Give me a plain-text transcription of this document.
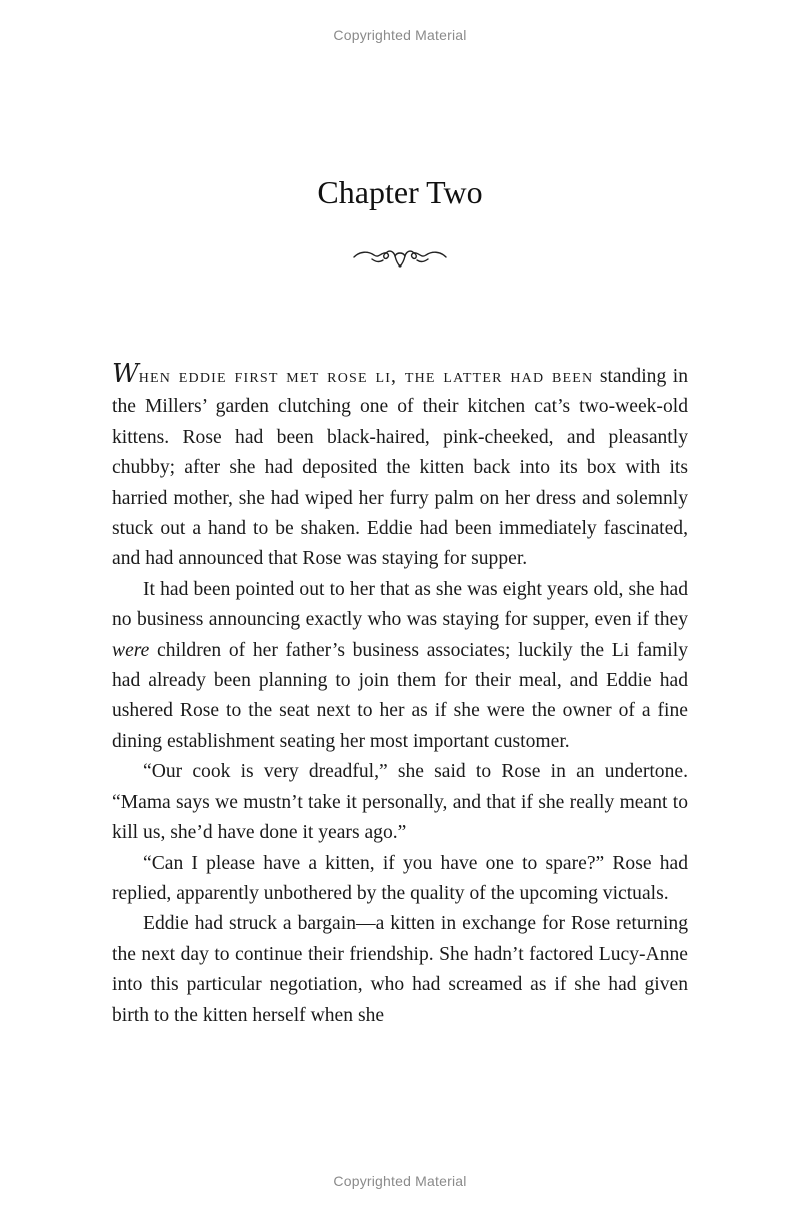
Copyrighted Material
Chapter Two

When eddie first met rose li, the latter had been standing in the Millers’ garden clutching one of their kitchen cat’s two-week-old kittens. Rose had been black-haired, pink-cheeked, and pleasantly chubby; after she had deposited the kitten back into its box with its harried mother, she had wiped her furry palm on her dress and solemnly stuck out a hand to be shaken. Eddie had been immediately fascinated, and had announced that Rose was staying for supper.

It had been pointed out to her that as she was eight years old, she had no business announcing exactly who was staying for supper, even if they were children of her father’s business associates; luckily the Li family had already been planning to join them for their meal, and Eddie had ushered Rose to the seat next to her as if she were the owner of a fine dining establishment seating her most important customer.

“Our cook is very dreadful,” she said to Rose in an undertone. “Mama says we mustn’t take it personally, and that if she really meant to kill us, she’d have done it years ago.”

“Can I please have a kitten, if you have one to spare?” Rose had replied, apparently unbothered by the quality of the upcoming victuals.

Eddie had struck a bargain—a kitten in exchange for Rose returning the next day to continue their friendship. She hadn’t factored Lucy-Anne into this particular negotiation, who had screamed as if she had given birth to the kitten herself when she

Copyrighted Material
